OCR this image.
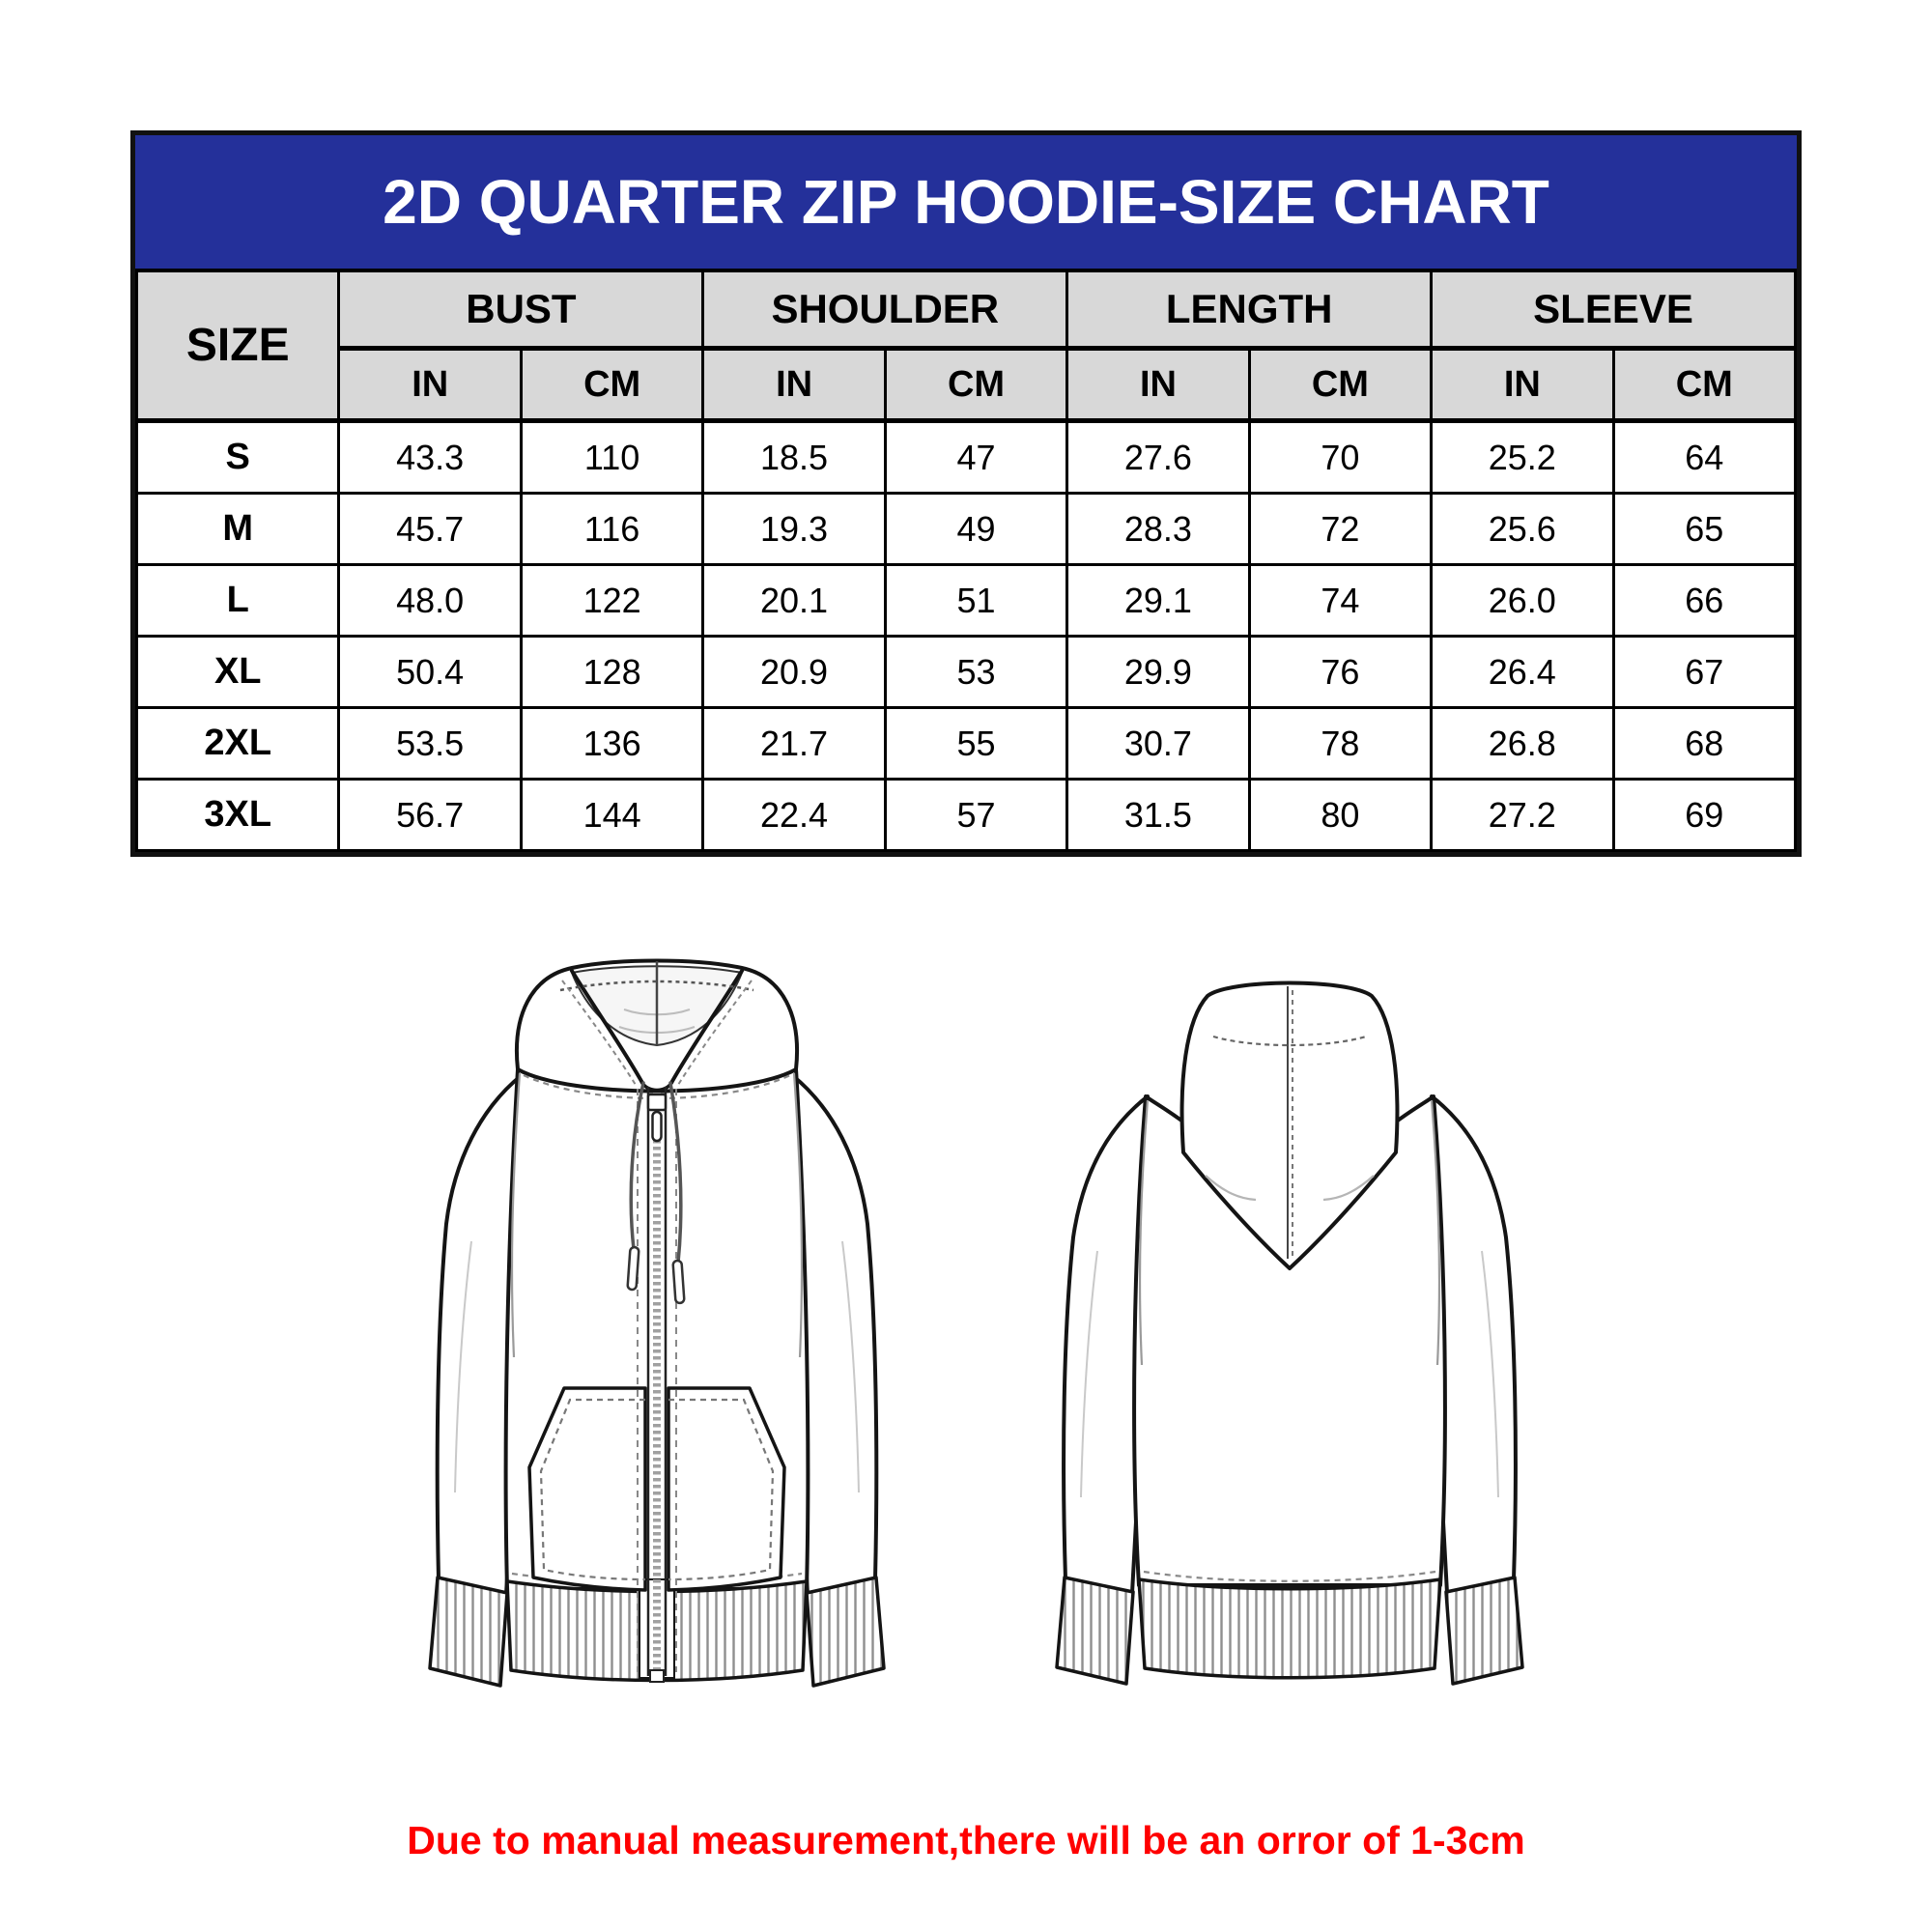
2D QUARTER ZIP HOODIE-SIZE CHART
SIZE	BUST		SHOULDER		LENGTH		SLEEVE	
	IN	CM	IN	CM	IN	CM	IN	CM
S	43.3	110	18.5	47	27.6	70	25.2	64
M	45.7	116	19.3	49	28.3	72	25.6	65
L	48.0	122	20.1	51	29.1	74	26.0	66
XL	50.4	128	20.9	53	29.9	76	26.4	67
2XL	53.5	136	21.7	55	30.7	78	26.8	68
3XL	56.7	144	22.4	57	31.5	80	27.2	69
Due to manual measurement,there will be an orror of 1-3cm
